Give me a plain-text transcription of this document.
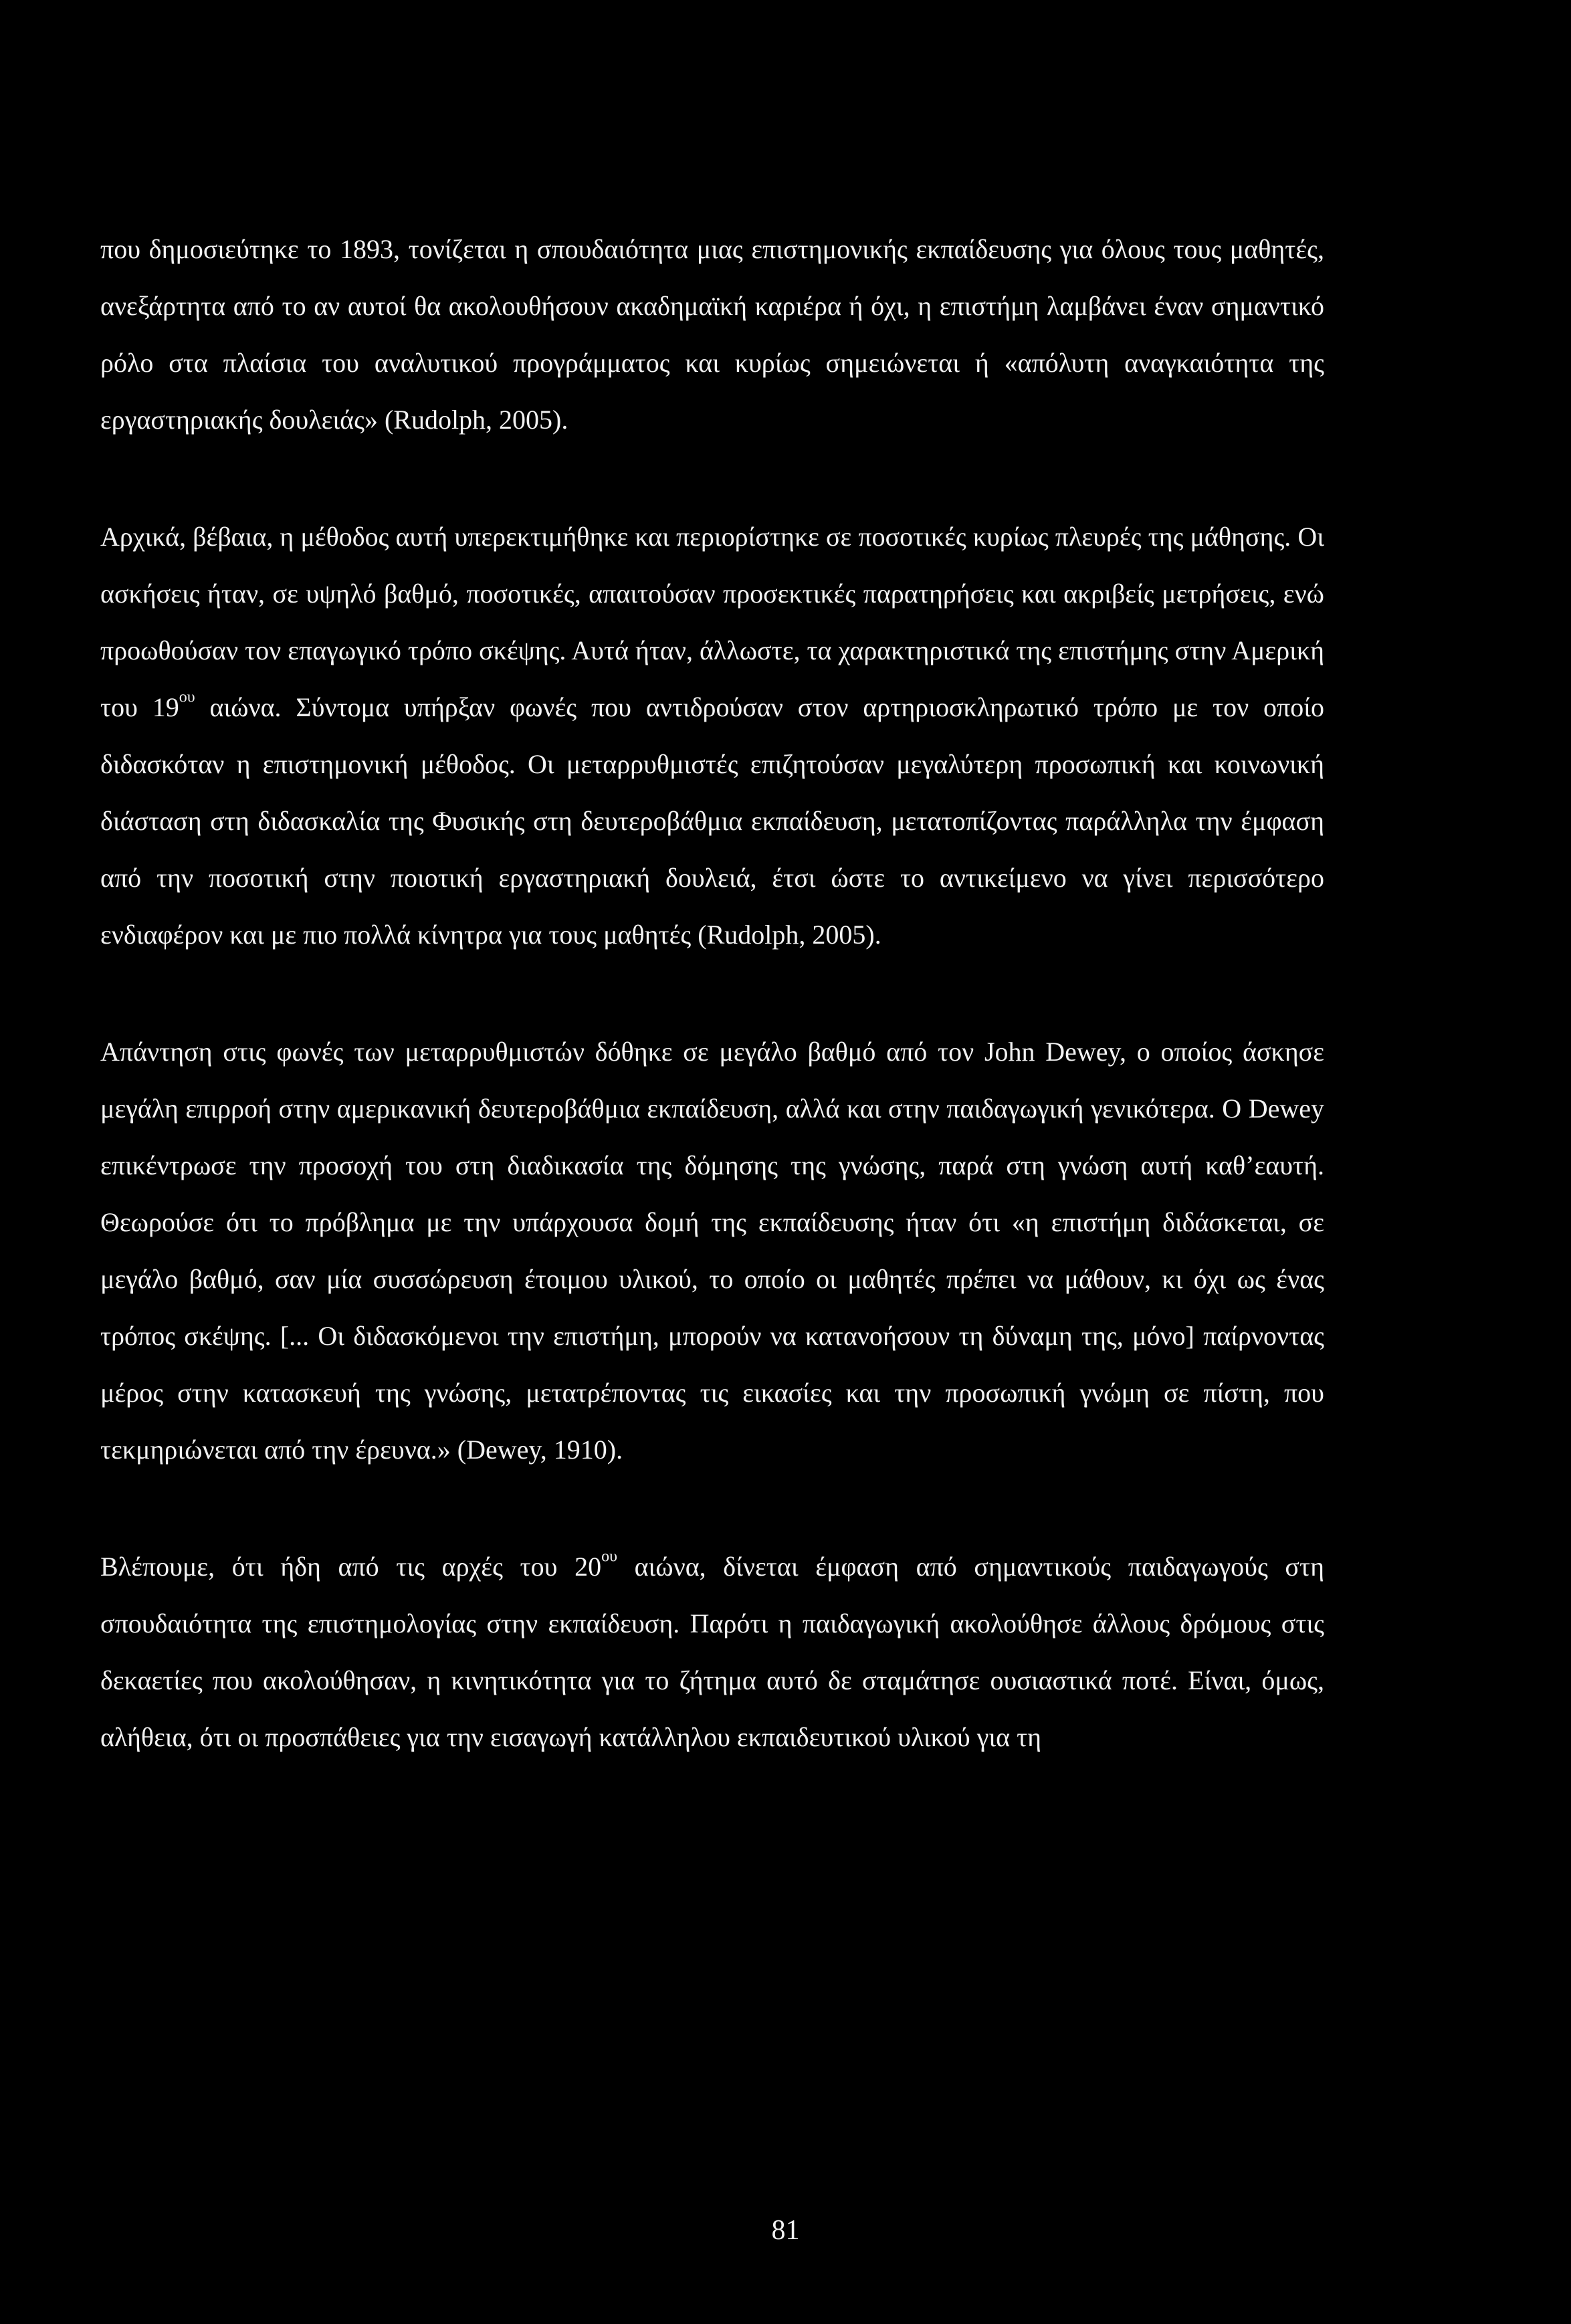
που δημοσιεύτηκε το 1893, τονίζεται η σπουδαιότητα μιας επιστημονικής εκπαίδευσης για όλους τους μαθητές, ανεξάρτητα από το αν αυτοί θα ακολουθήσουν ακαδημαϊκή καριέρα ή όχι, η επιστήμη λαμβάνει έναν σημαντικό ρόλο στα πλαίσια του αναλυτικού προγράμματος και κυρίως σημειώνεται ή «απόλυτη αναγκαιότητα της εργαστηριακής δουλειάς» (Rudolph, 2005).

Αρχικά, βέβαια, η μέθοδος αυτή υπερεκτιμήθηκε και περιορίστηκε σε ποσοτικές κυρίως πλευρές της μάθησης. Οι ασκήσεις ήταν, σε υψηλό βαθμό, ποσοτικές, απαιτούσαν προσεκτικές παρατηρήσεις και ακριβείς μετρήσεις, ενώ προωθούσαν τον επαγωγικό τρόπο σκέψης. Αυτά ήταν, άλλωστε, τα χαρακτηριστικά της επιστήμης στην Αμερική του $19^{o\upsilon}$ αιώνα. Σύντομα υπήρξαν φωνές που αντιδρούσαν στον αρτηριοσκληρωτικό τρόπο με τον οποίο διδασκόταν η επιστημονική μέθοδος. Οι μεταρρυθμιστές επιζητούσαν μεγαλύτερη προσωπική και κοινωνική διάσταση στη διδασκαλία της Φυσικής στη δευτεροβάθμια εκπαίδευση, μετατοπίζοντας παράλληλα την έμφαση από την ποσοτική στην ποιοτική εργαστηριακή δουλειά, έτσι ώστε το αντικείμενο να γίνει περισσότερο ενδιαφέρον και με πιο πολλά κίνητρα για τους μαθητές (Rudolph, 2005).

Απάντηση στις φωνές των μεταρρυθμιστών δόθηκε σε μεγάλο βαθμό από τον John Dewey, ο οποίος άσκησε μεγάλη επιρροή στην αμερικανική δευτεροβάθμια εκπαίδευση, αλλά και στην παιδαγωγική γενικότερα. Ο Dewey επικέντρωσε την προσοχή του στη διαδικασία της δόμησης της γνώσης, παρά στη γνώση αυτή καθ’εαυτή. Θεωρούσε ότι το πρόβλημα με την υπάρχουσα δομή της εκπαίδευσης ήταν ότι «η επιστήμη διδάσκεται, σε μεγάλο βαθμό, σαν μία συσσώρευση έτοιμου υλικού, το οποίο οι μαθητές πρέπει να μάθουν, κι όχι ως ένας τρόπος σκέψης. [... Οι διδασκόμενοι την επιστήμη, μπορούν να κατανοήσουν τη δύναμη της, μόνο] παίρνοντας μέρος στην κατασκευή της γνώσης, μετατρέποντας τις εικασίες και την προσωπική γνώμη σε πίστη, που τεκμηριώνεται από την έρευνα.» (Dewey, 1910).

Βλέπουμε, ότι ήδη από τις αρχές του $20^{o\upsilon}$ αιώνα, δίνεται έμφαση από σημαντικούς παιδαγωγούς στη σπουδαιότητα της επιστημολογίας στην εκπαίδευση. Παρότι η παιδαγωγική ακολούθησε άλλους δρόμους στις δεκαετίες που ακολούθησαν, η κινητικότητα για το ζήτημα αυτό δε σταμάτησε ουσιαστικά ποτέ. Είναι, όμως, αλήθεια, ότι οι προσπάθειες για την εισαγωγή κατάλληλου εκπαιδευτικού υλικού για τη

81
